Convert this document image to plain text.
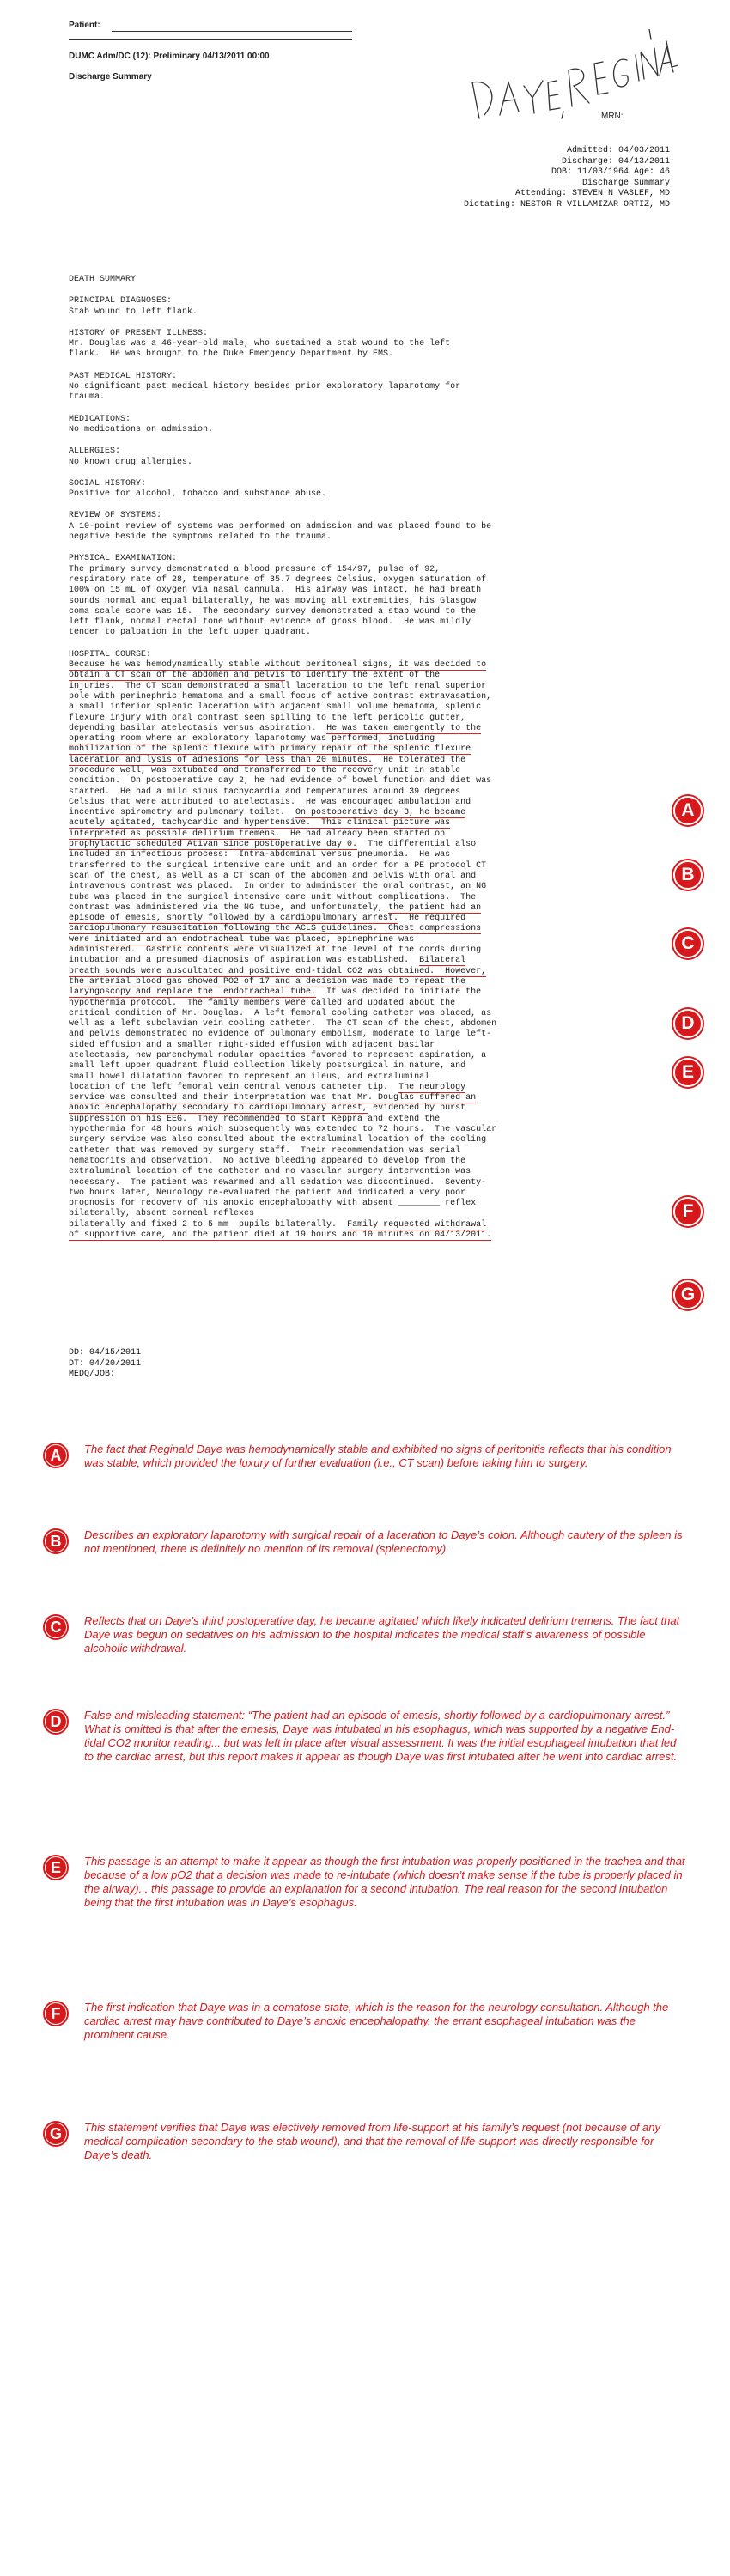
Patient:
DUMC Adm/DC (12): Preliminary 04/13/2011 00:00
Discharge Summary
MRN:
Admitted: 04/03/2011
Discharge: 04/13/2011
DOB: 11/03/1964 Age: 46
Discharge Summary
Attending: STEVEN N VASLEF, MD
Dictating: NESTOR R VILLAMIZAR ORTIZ, MD
DEATH SUMMARY
PRINCIPAL DIAGNOSES:
Stab wound to left flank.
HISTORY OF PRESENT ILLNESS:
Mr. Douglas was a 46-year-old male, who sustained a stab wound to the left
flank.  He was brought to the Duke Emergency Department by EMS.
PAST MEDICAL HISTORY:
No significant past medical history besides prior exploratory laparotomy for
trauma.
MEDICATIONS:
No medications on admission.
ALLERGIES:
No known drug allergies.
SOCIAL HISTORY:
Positive for alcohol, tobacco and substance abuse.
REVIEW OF SYSTEMS:
A 10-point review of systems was performed on admission and was placed found to be
negative beside the symptoms related to the trauma.
PHYSICAL EXAMINATION:
The primary survey demonstrated a blood pressure of 154/97, pulse of 92,
respiratory rate of 28, temperature of 35.7 degrees Celsius, oxygen saturation of
100% on 15 mL of oxygen via nasal cannula.  His airway was intact, he had breath
sounds normal and equal bilaterally, he was moving all extremities, his Glasgow
coma scale score was 15.  The secondary survey demonstrated a stab wound to the
left flank, normal rectal tone without evidence of gross blood.  He was mildly
tender to palpation in the left upper quadrant.
HOSPITAL COURSE:
Because he was hemodynamically stable without peritoneal signs, it was decided to
obtain a CT scan of the abdomen and pelvis to identify the extent of the
injuries.  The CT scan demonstrated a small laceration to the left renal superior
pole with perinephric hematoma and a small focus of active contrast extravasation,
a small inferior splenic laceration with adjacent small volume hematoma, splenic
flexure injury with oral contrast seen spilling to the left pericolic gutter,
depending basilar atelectasis versus aspiration.  He was taken emergently to the
operating room where an exploratory laparotomy was performed, including
mobilization of the splenic flexure with primary repair of the splenic flexure
laceration and lysis of adhesions for less than 20 minutes.  He tolerated the
procedure well, was extubated and transferred to the recovery unit in stable
condition.  On postoperative day 2, he had evidence of bowel function and diet was
started.  He had a mild sinus tachycardia and temperatures around 39 degrees
Celsius that were attributed to atelectasis.  He was encouraged ambulation and
incentive spirometry and pulmonary toilet.  On postoperative day 3, he became
acutely agitated, tachycardic and hypertensive.  This clinical picture was
interpreted as possible delirium tremens.  He had already been started on
prophylactic scheduled Ativan since postoperative day 0.  The differential also
included an infectious process:  Intra-abdominal versus pneumonia.  He was
transferred to the surgical intensive care unit and an order for a PE protocol CT
scan of the chest, as well as a CT scan of the abdomen and pelvis with oral and
intravenous contrast was placed.  In order to administer the oral contrast, an NG
tube was placed in the surgical intensive care unit without complications.  The
contrast was administered via the NG tube, and unfortunately, the patient had an
episode of emesis, shortly followed by a cardiopulmonary arrest.  He required
cardiopulmonary resuscitation following the ACLS guidelines.  Chest compressions
were initiated and an endotracheal tube was placed, epinephrine was
administered.  Gastric contents were visualized at the level of the cords during
intubation and a presumed diagnosis of aspiration was established.  Bilateral
breath sounds were auscultated and positive end-tidal CO2 was obtained.  However,
the arterial blood gas showed PO2 of 17 and a decision was made to repeat the
laryngoscopy and replace the  endotracheal tube.  It was decided to initiate the
hypothermia protocol.  The family members were called and updated about the
critical condition of Mr. Douglas.  A left femoral cooling catheter was placed, as
well as a left subclavian vein cooling catheter.  The CT scan of the chest, abdomen
and pelvis demonstrated no evidence of pulmonary embolism, moderate to large left-
sided effusion and a smaller right-sided effusion with adjacent basilar
atelectasis, new parenchymal nodular opacities favored to represent aspiration, a
small left upper quadrant fluid collection likely postsurgical in nature, and
small bowel dilatation favored to represent an ileus, and extraluminal
location of the left femoral vein central venous catheter tip.  The neurology
service was consulted and their interpretation was that Mr. Douglas suffered an
anoxic encephalopathy secondary to cardiopulmonary arrest, evidenced by burst
suppression on his EEG.  They recommended to start Keppra and extend the
hypothermia for 48 hours which subsequently was extended to 72 hours.  The vascular
surgery service was also consulted about the extraluminal location of the cooling
catheter that was removed by surgery staff.  Their recommendation was serial
hematocrits and observation.  No active bleeding appeared to develop from the
extraluminal location of the catheter and no vascular surgery intervention was
necessary.  The patient was rewarmed and all sedation was discontinued.  Seventy-
two hours later, Neurology re-evaluated the patient and indicated a very poor
prognosis for recovery of his anoxic encephalopathy with absent ________ reflex
bilaterally, absent corneal reflexes
bilaterally and fixed 2 to 5 mm  pupils bilaterally.  Family requested withdrawal
of supportive care, and the patient died at 19 hours and 10 minutes on 04/13/2011.
A
B
C
D
E
F
G
DD: 04/15/2011
DT: 04/20/2011
MEDQ/JOB:
A	The fact that Reginald Daye was hemodynamically stable and exhibited no signs of peritonitis reflects that his condition was stable, which provided the luxury of further evaluation (i.e., CT scan) before taking him to surgery.
B	Describes an exploratory laparotomy with surgical repair of a laceration to Daye’s colon. Although cautery of the spleen is not mentioned, there is definitely no mention of its removal (splenectomy).
C	Reflects that on Daye’s third postoperative day, he became agitated which likely indicated delirium tremens. The fact that Daye was begun on sedatives on his admission to the hospital indicates the medical staff’s awareness of possible alcoholic withdrawal.
D	False and misleading statement: “The patient had an episode of emesis, shortly followed by a cardiopulmonary arrest.” What is omitted is that after the emesis, Daye was intubated in his esophagus, which was supported by a negative End-tidal CO2 monitor reading... but was left in place after visual assessment. It was the initial esophageal intubation that led to the cardiac arrest, but this report makes it appear as though Daye was first intubated after he went into cardiac arrest.
E	This passage is an attempt to make it appear as though the first intubation was properly positioned in the trachea and that because of a low pO2 that a decision was made to re-intubate (which doesn’t make sense if the tube is properly placed in the airway)... this passage to provide an explanation for a second intubation. The real reason for the second intubation being that the first intubation was in Daye’s esophagus.
F	The first indication that Daye was in a comatose state, which is the reason for the neurology consultation. Although the cardiac arrest may have contributed to Daye’s anoxic encephalopathy, the errant esophageal intubation was the prominent cause.
G	This statement verifies that Daye was electively removed from life-support at his family’s request (not because of any medical complication secondary to the stab wound), and that the removal of life-support was directly responsible for Daye’s death.
